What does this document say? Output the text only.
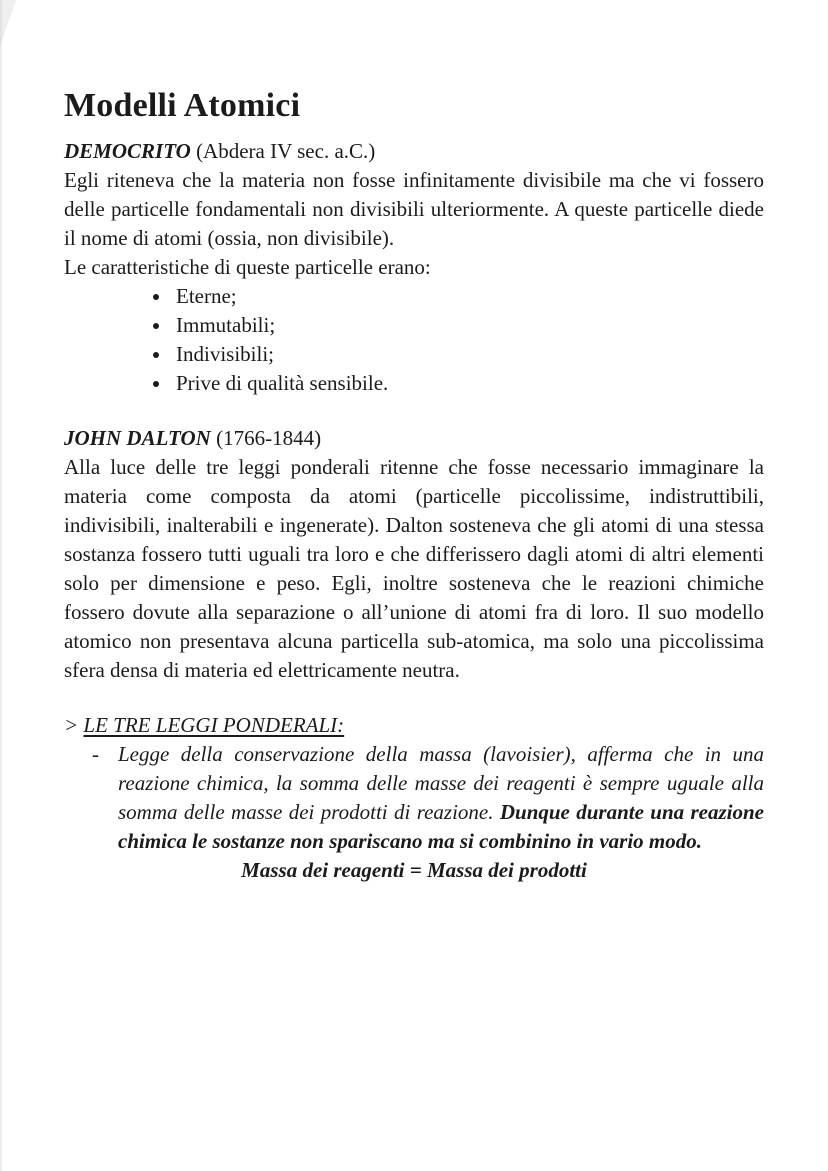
Modelli Atomici

DEMOCRITO (Abdera IV sec. a.C.)

Egli riteneva che la materia non fosse infinitamente divisibile ma che vi fossero delle particelle fondamentali non divisibili ulteriormente. A queste particelle diede il nome di atomi (ossia, non divisibile).

Le caratteristiche di queste particelle erano:

• Eterne;
• Immutabili;
• Indivisibili;
• Prive di qualità sensibile.

JOHN DALTON (1766-1844)

Alla luce delle tre leggi ponderali ritenne che fosse necessario immaginare la materia come composta da atomi (particelle piccolissime, indistruttibili, indivisibili, inalterabili e ingenerate). Dalton sosteneva che gli atomi di una stessa sostanza fossero tutti uguali tra loro e che differissero dagli atomi di altri elementi solo per dimensione e peso. Egli, inoltre sosteneva che le reazioni chimiche fossero dovute alla separazione o all’unione di atomi fra di loro. Il suo modello atomico non presentava alcuna particella sub-atomica, ma solo una piccolissima sfera densa di materia ed elettricamente neutra.

> LE TRE LEGGI PONDERALI:

- Legge della conservazione della massa (lavoisier), afferma che in una reazione chimica, la somma delle masse dei reagenti è sempre uguale alla somma delle masse dei prodotti di reazione. Dunque durante una reazione chimica le sostanze non spariscano ma si combinino in vario modo.

Massa dei reagenti = Massa dei prodotti
